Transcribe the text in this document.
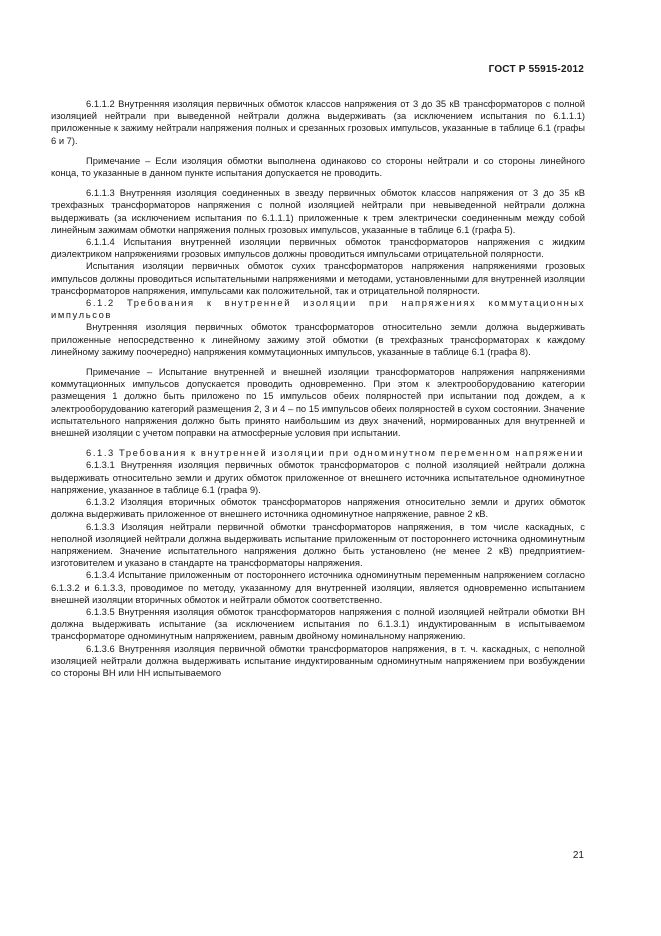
ГОСТ Р 55915-2012

6.1.1.2 Внутренняя изоляция первичных обмоток классов напряжения от 3 до 35 кВ трансформаторов с полной изоляцией нейтрали при выведенной нейтрали должна выдерживать (за исключением испытания по 6.1.1.1) приложенные к зажиму нейтрали напряжения полных и срезанных грозовых импульсов, указанные в таблице 6.1 (графы 6 и 7).

Примечание – Если изоляция обмотки выполнена одинаково со стороны нейтрали и со стороны линейного конца, то указанные в данном пункте испытания допускается не проводить.

6.1.1.3 Внутренняя изоляция соединенных в звезду первичных обмоток классов напряжения от 3 до 35 кВ трехфазных трансформаторов напряжения с полной изоляцией нейтрали при невыведенной нейтрали должна выдерживать (за исключением испытания по 6.1.1.1) приложенные к трем электрически соединенным между собой линейным зажимам обмотки напряжения полных грозовых импульсов, указанные в таблице 6.1 (графа 5).

6.1.1.4 Испытания внутренней изоляции первичных обмоток трансформаторов напряжения с жидким диэлектриком напряжениями грозовых импульсов должны проводиться импульсами отрицательной полярности.

Испытания изоляции первичных обмоток сухих трансформаторов напряжения напряжениями грозовых импульсов должны проводиться испытательными напряжениями и методами, установленными для внутренней изоляции трансформаторов напряжения, импульсами как положительной, так и отрицательной полярности.

6.1.2 Требования к внутренней изоляции при напряжениях коммутационных импульсов

Внутренняя изоляция первичных обмоток трансформаторов относительно земли должна выдерживать приложенные непосредственно к линейному зажиму этой обмотки (в трехфазных трансформаторах к каждому линейному зажиму поочередно) напряжения коммутационных импульсов, указанные в таблице 6.1 (графа 8).

Примечание – Испытание внутренней и внешней изоляции трансформаторов напряжения напряжениями коммутационных импульсов допускается проводить одновременно. При этом к электрооборудованию категории размещения 1 должно быть приложено по 15 импульсов обеих полярностей при испытании под дождем, а к электрооборудованию категорий размещения 2, 3 и 4 – по 15 импульсов обеих полярностей в сухом состоянии. Значение испытательного напряжения должно быть принято наибольшим из двух значений, нормированных для внутренней и внешней изоляции с учетом поправки на атмосферные условия при испытании.

6.1.3 Требования к внутренней изоляции при одноминутном переменном напряжении

6.1.3.1 Внутренняя изоляция первичных обмоток трансформаторов с полной изоляцией нейтрали должна выдерживать относительно земли и других обмоток приложенное от внешнего источника испытательное одноминутное напряжение, указанное в таблице 6.1 (графа 9).

6.1.3.2 Изоляция вторичных обмоток трансформаторов напряжения относительно земли и других обмоток должна выдерживать приложенное от внешнего источника одноминутное напряжение, равное 2 кВ.

6.1.3.3 Изоляция нейтрали первичной обмотки трансформаторов напряжения, в том числе каскадных, с неполной изоляцией нейтрали должна выдерживать испытание приложенным от постороннего источника одноминутным напряжением. Значение испытательного напряжения должно быть установлено (не менее 2 кВ) предприятием-изготовителем и указано в стандарте на трансформаторы напряжения.

6.1.3.4 Испытание приложенным от постороннего источника одноминутным переменным напряжением согласно 6.1.3.2 и 6.1.3.3, проводимое по методу, указанному для внутренней изоляции, является одновременно испытанием внешней изоляции вторичных обмоток и нейтрали обмоток соответственно.

6.1.3.5 Внутренняя изоляция обмоток трансформаторов напряжения с полной изоляцией нейтрали обмотки ВН должна выдерживать испытание (за исключением испытания по 6.1.3.1) индуктированным в испытываемом трансформаторе одноминутным напряжением, равным двойному номинальному напряжению.

6.1.3.6 Внутренняя изоляция первичной обмотки трансформаторов напряжения, в т. ч. каскадных, с неполной изоляцией нейтрали должна выдерживать испытание индуктированным одноминутным напряжением при возбуждении со стороны ВН или НН испытываемого

21
